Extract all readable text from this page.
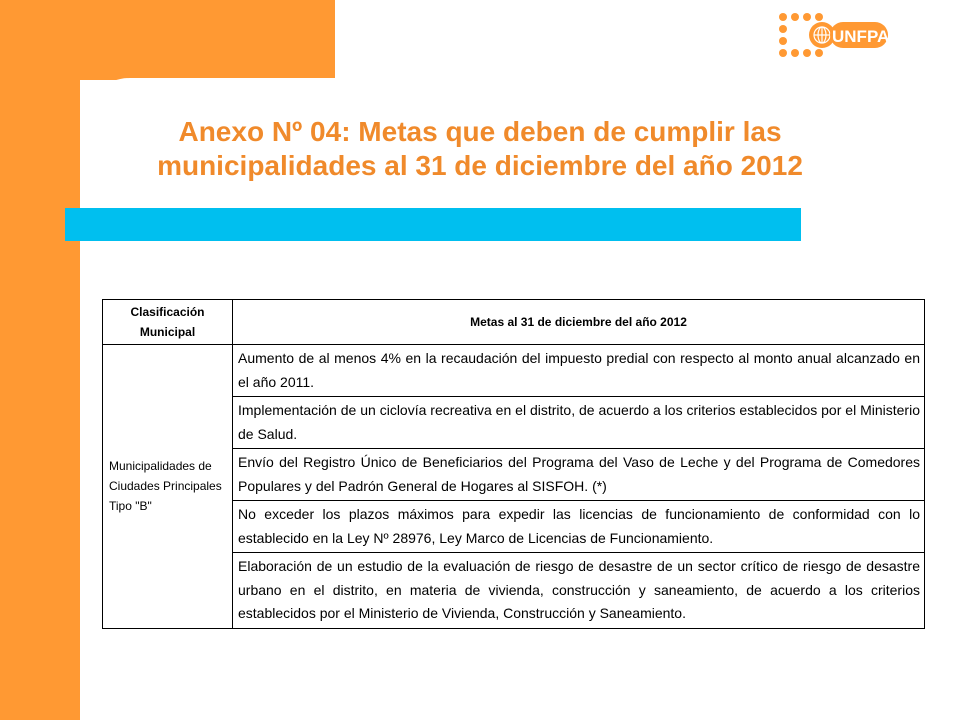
UNFPA
Anexo Nº 04: Metas que deben de cumplir las
municipalidades al 31 de diciembre del año 2012
Clasificación Municipal	Metas al 31 de diciembre del año 2012
Municipalidades de Ciudades Principales Tipo "B"	Aumento de al menos 4% en la recaudación del impuesto predial con respecto al monto anual alcanzado en el año 2011.
	Implementación de un ciclovía recreativa en el distrito, de acuerdo a los criterios establecidos por el Ministerio de Salud.
	Envío del Registro Único de Beneficiarios del Programa del Vaso de Leche y del Programa de Comedores Populares y del Padrón General de Hogares al SISFOH. (*)
	No exceder los plazos máximos para expedir las licencias de funcionamiento de conformidad con lo establecido en la Ley Nº 28976, Ley Marco de Licencias de Funcionamiento.
	Elaboración de un estudio de la evaluación de riesgo de desastre de un sector crítico de riesgo de desastre urbano en el distrito, en materia de vivienda, construcción y saneamiento, de acuerdo a los criterios establecidos por el Ministerio de Vivienda, Construcción y Saneamiento.
